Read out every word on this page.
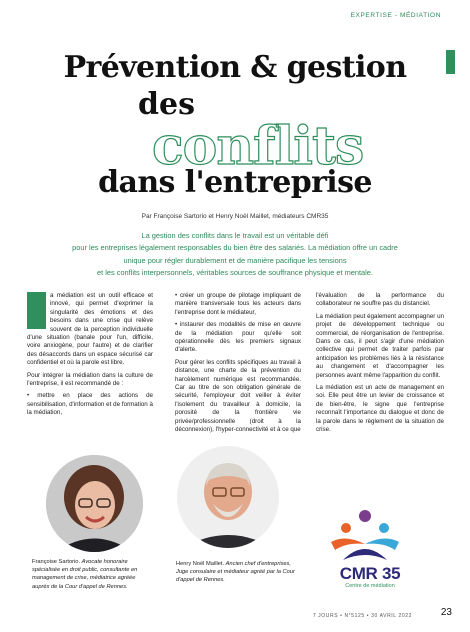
EXPERTISE - MÉDIATION
Prévention & gestion
des
conflits
dans l'entreprise
Par Françoise Sartorio et Henry Noël Maillet, médiateurs CMR35
La gestion des conflits dans le travail est un véritable défi
pour les entreprises légalement responsables du bien être des salariés. La médiation offre un cadre
unique pour régler durablement et de manière pacifique les tensions
et les conflits interpersonnels, véritables sources de souffrance physique et mentale.

a médiation est un outil efficace et innové, qui permet d'exprimer la singularité des émotions et des besoins dans une crise qui relève souvent de la perception individuelle d'une situation (banale pour l'un, difficile, voire anxiogène, pour l'autre) et de clarifier des désaccords dans un espace sécurisé car confidentiel et où la parole est libre.

Pour intégrer la médiation dans la culture de l'entreprise, il est recommandé de :

• mettre en place des actions de sensibilisation, d'information et de formation à la médiation,

• créer un groupe de pilotage impliquant de manière transversale tous les acteurs dans l'entreprise dont le médiateur,

• instaurer des modalités de mise en œuvre de la médiation pour qu'elle soit opérationnelle dès les premiers signaux d'alerte.

Pour gérer les conflits spécifiques au travail à distance, une charte de la prévention du harcèlement numérique est recommandée. Car au titre de son obligation générale de sécurité, l'employeur doit veiller à éviter l'isolement du travailleur à domicile, la porosité de la frontière vie privée/professionnelle (droit à la déconnexion), l'hyper-connectivité et à ce que

l'évaluation de la performance du collaborateur ne souffre pas du distanciel.

La médiation peut également accompagner un projet de développement technique ou commercial, de réorganisation de l'entreprise. Dans ce cas, il peut s'agir d'une médiation collective qui permet de traiter parfois par anticipation les problèmes liés à la résistance au changement et d'accompagner les personnes avant même l'apparition du conflit.

La médiation est un acte de management en soi. Elle peut être un levier de croissance et de bien-être, le signe que l'entreprise reconnaît l'importance du dialogue et donc de la parole dans le règlement de la situation de crise.

Françoise Sartorio. Avocate honoraire spécialisée en droit public, consultante en management de crise, médiatrice agréée auprès de la Cour d'appel de Rennes.
Henry Noël Maillet. Ancien chef d'entreprises, Juge consulaire et médiateur agréé par la Cour d'appel de Rennes.	CMR 35
Centre de médiation
7 JOURS • N°5125 • 30 AVRIL 2022	23
